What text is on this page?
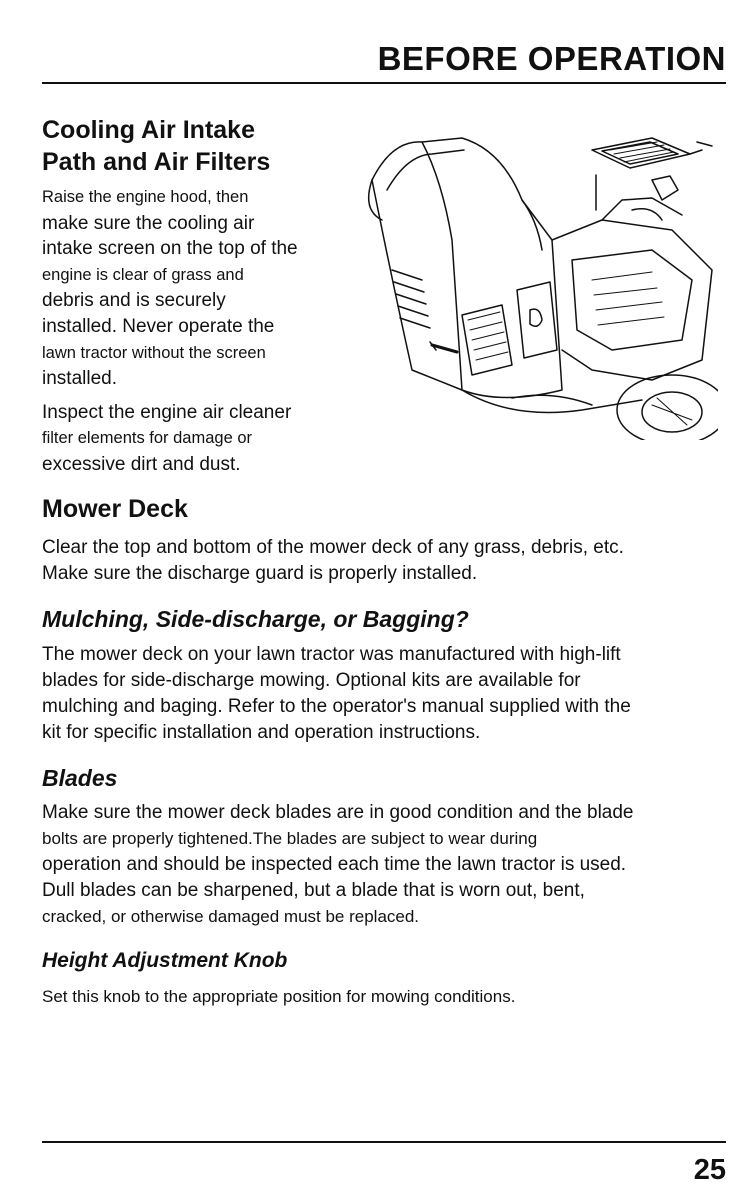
BEFORE OPERATION

Cooling Air Intake

Path and Air Filters

Raise the engine hood, then
make sure the cooling air
intake screen on the top of the
engine is clear of grass and
debris and is securely
installed. Never operate the
lawn tractor without the screen
installed.

Inspect the engine air cleaner
filter elements for damage or
excessive dirt and dust.

Mower Deck

Clear the top and bottom of the mower deck of any grass, debris, etc.
Make sure the discharge guard is properly installed.

Mulching, Side-discharge, or Bagging?

The mower deck on your lawn tractor was manufactured with high-lift
blades for side-discharge mowing. Optional kits are available for
mulching and baging. Refer to the operator's manual supplied with the
kit for specific installation and operation instructions.

Blades

Make sure the mower deck blades are in good condition and the blade
bolts are properly tightened.The blades are subject to wear during
operation and should be inspected each time the lawn tractor is used.
Dull blades can be sharpened, but a blade that is worn out, bent,
cracked, or otherwise damaged must be replaced.

Height Adjustment Knob

Set this knob to the appropriate position for mowing conditions.

25
